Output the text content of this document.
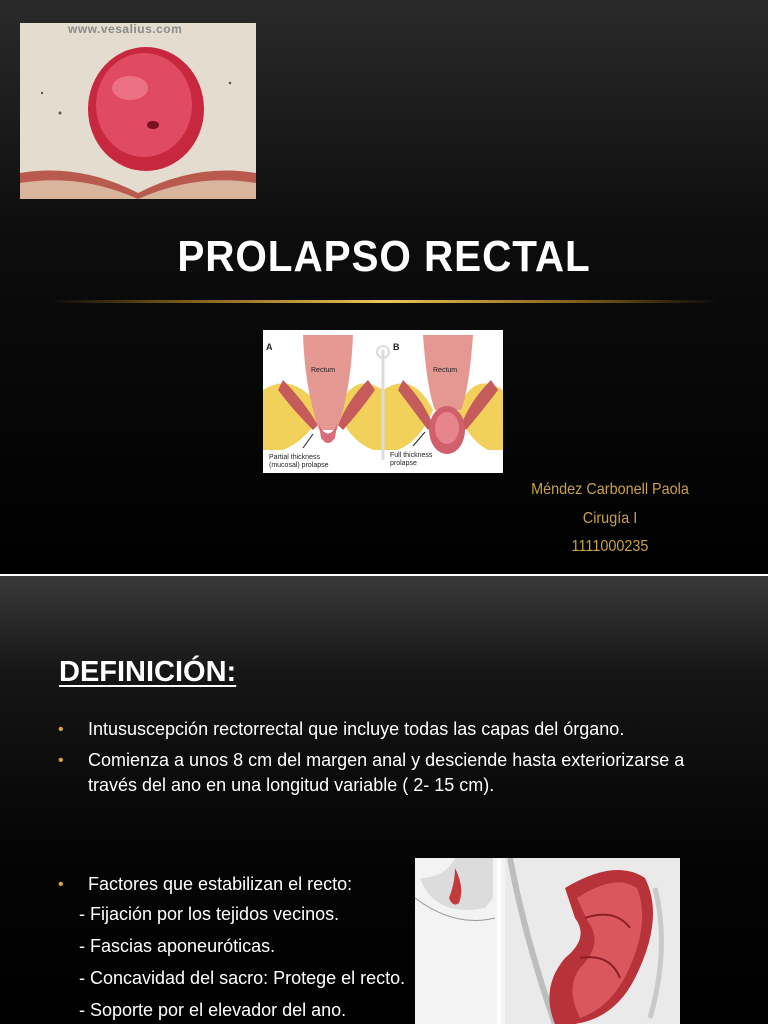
www.vesalius.com
PROLAPSO RECTAL
A	B
Rectum	Rectum
Partial thickness
(mucosal) prolapse
Full thickness
prolapse
Méndez Carbonell Paola
Cirugía I
1111000235
DEFINICIÓN:
• Intususcepción rectorrectal que incluye todas las capas del órgano.
• Comienza a unos 8 cm del margen anal y desciende hasta exteriorizarse a través del ano en una longitud variable ( 2- 15 cm).
• Factores que estabilizan el recto:
- Fijación por los tejidos vecinos.
- Fascias aponeuróticas.
- Concavidad del sacro: Protege el recto.
- Soporte por el elevador del ano.
